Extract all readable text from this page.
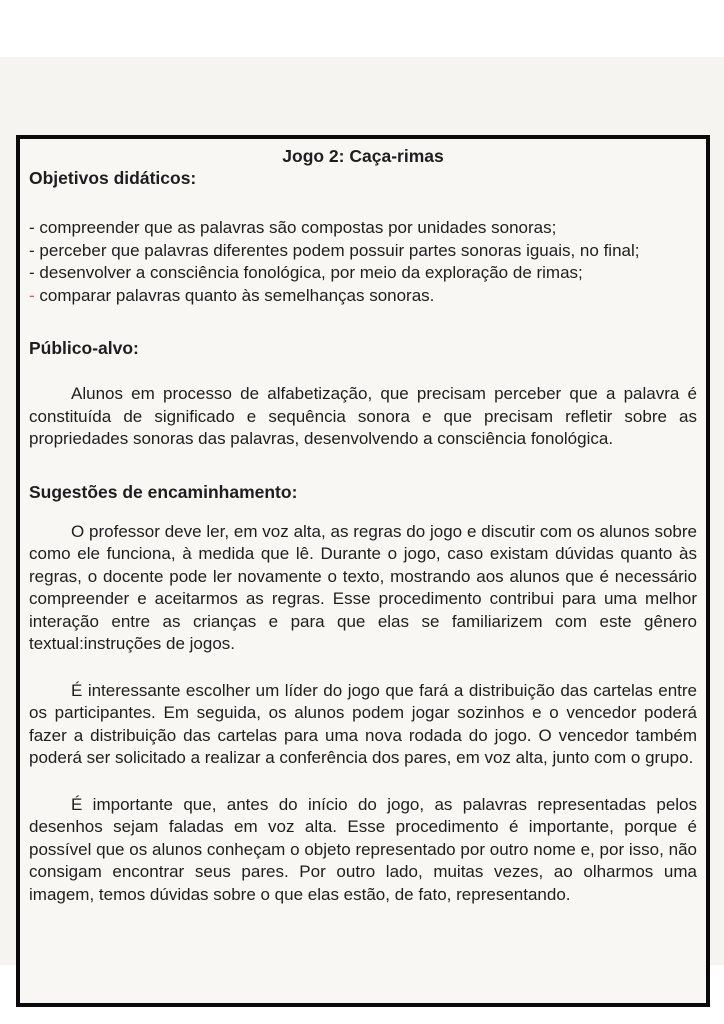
Jogo 2: Caça-rimas
Objetivos didáticos:

- compreender que as palavras são compostas por unidades sonoras;

- perceber que palavras diferentes podem possuir partes sonoras iguais, no final;

- desenvolver a consciência fonológica, por meio da exploração de rimas;

- comparar palavras quanto às semelhanças sonoras.

Público-alvo:

Alunos em processo de alfabetização, que precisam perceber que a palavra é constituída de significado e sequência sonora e que precisam refletir sobre as propriedades sonoras das palavras, desenvolvendo a consciência fonológica.

Sugestões de encaminhamento:

O professor deve ler, em voz alta, as regras do jogo e discutir com os alunos sobre como ele funciona, à medida que lê. Durante o jogo, caso existam dúvidas quanto às regras, o docente pode ler novamente o texto, mostrando aos alunos que é necessário compreender e aceitarmos as regras. Esse procedimento contribui para uma melhor interação entre as crianças e para que elas se familiarizem com este gênero textual:instruções de jogos.

É interessante escolher um líder do jogo que fará a distribuição das cartelas entre os participantes. Em seguida, os alunos podem jogar sozinhos e o vencedor poderá fazer a distribuição das cartelas para uma nova rodada do jogo. O vencedor também poderá ser solicitado a realizar a conferência dos pares, em voz alta, junto com o grupo.

É importante que, antes do início do jogo, as palavras representadas pelos desenhos sejam faladas em voz alta. Esse procedimento é importante, porque é possível que os alunos conheçam o objeto representado por outro nome e, por isso, não consigam encontrar seus pares. Por outro lado, muitas vezes, ao olharmos uma imagem, temos dúvidas sobre o que elas estão, de fato, representando.
